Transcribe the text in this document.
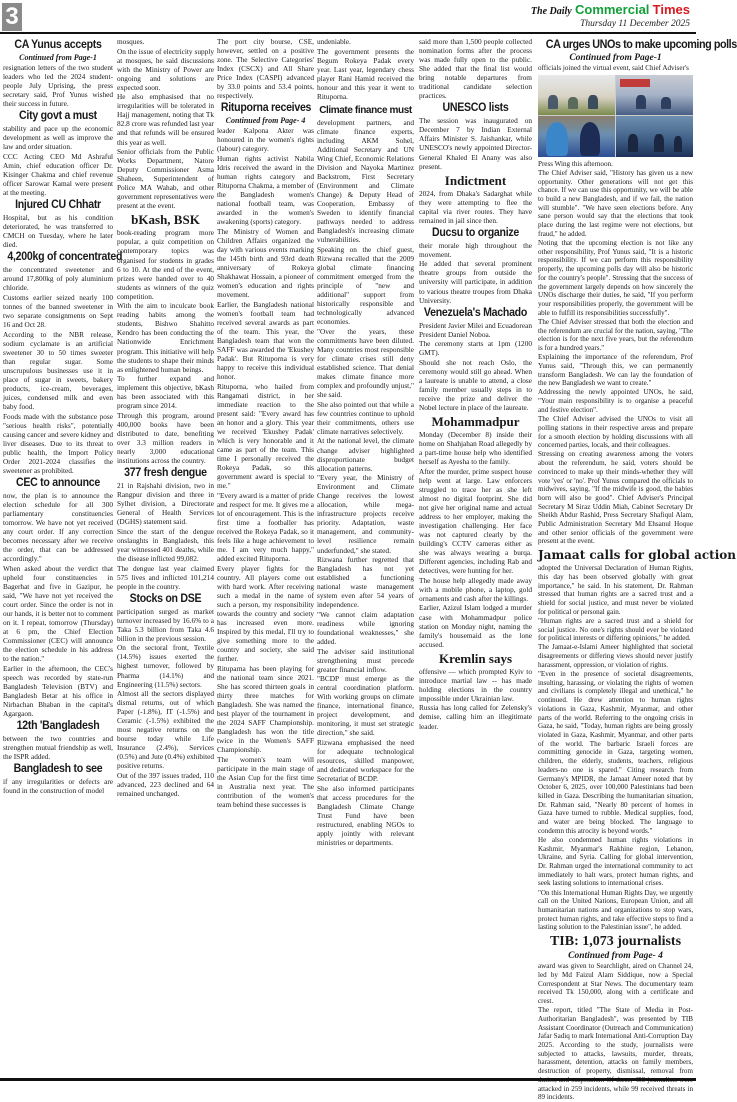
3	The Daily Commercial Times
Thursday 11 December 2025
CA Yunus accepts
Continued from Page-1

resignation letters of the two student leaders who led the 2024 student-people July Uprising, the press secretary said, Prof Yunus wished their success in future.

City govt a must

stability and pace up the economic development as well as improve the law and order situation.

CCC Acting CEO Md Ashraful Amin, chief education officer Dr. Kisinger Chakma and chief revenue officer Sarowar Kamal were present at the meeting.

Injured CU Chhatr

Hospital, but as his condition deteriorated, he was transferred to CMCH on Tuesday, where he later died.

4,200kg of concentrated

the concentrated sweetener and around 17,800kg of poly aluminium chloride.

Customs earlier seized nearly 100 tonnes of the banned sweetener in two separate consignments on Sept 16 and Oct 28.

According to the NBR release, sodium cyclamate is an artificial sweetener 30 to 50 times sweeter than regular sugar. Some unscrupulous businesses use it in place of sugar in sweets, bakery products, ice-cream, beverages, juices, condensed milk and even baby food.

Foods made with the substance pose "serious health risks", potentially causing cancer and severe kidney and liver diseases. Due to its threat to public health, the Import Policy Order 2021-2024 classifies the sweetener as prohibited.

CEC to announce

now, the plan is to announce the election schedule for all 300 parliamentary constituencies tomorrow. We have not yet received any court order. If any correction becomes necessary after we receive the order, that can be addressed accordingly."

When asked about the verdict that upheld four constituencies in Bagerhat and five in Gazipur, he said, "We have not yet received the court order. Since the order is not in our hands, it is better not to comment on it. I repeat, tomorrow (Thursday) at 6 pm, the Chief Election Commissioner (CEC) will announce the election schedule in his address to the nation."

Earlier in the afternoon, the CEC's speech was recorded by state-run Bangladesh Television (BTV) and Bangladesh Betar at his office in Nirbachan Bhaban in the capital's Agargaon.

12th 'Bangladesh

between the two countries and strengthen mutual friendship as well, the ISPR added.

Bangladesh to see

if any irregularities or defects are found in the construction of model

mosques.

On the issue of electricity supply at mosques, he said discussions with the Ministry of Power are ongoing and solutions are expected soon.

He also emphasised that no irregularities will be tolerated in Hajj management, noting that Tk 82.8 crore was refunded last year and that refunds will be ensured this year as well.

Senior officials from the Public Works Department, Natore Deputy Commissioner Asma Shaheen, Superintendent of Police MA Wahab, and other government representatives were present at the event.

bKash, BSK

book-reading program more popular, a quiz competition on contemporary topics was organised for students in grades 6 to 10. At the end of the event, prizes were handed over to 40 students as winners of the quiz competition.

With the aim to inculcate book reading habits among the students, Bishwo Shahitto Kendro has been conducting the Nationwide Enrichment program. This initiative will help the students to shape their minds as enlightened human beings.

To further expand and implement this objective, bKash has been associated with this program since 2014.

Through this program, around 400,000 books have been distributed to date, benefiting over 3.3 million readers in nearly 3,000 educational institutions across the country.

377 fresh dengue

21 in Rajshahi division, two in Rangpur division and three in Sylhet division, a Directorate General of Health Services (DGHS) statement said.

Since the start of the dengue onslaughts in Bangladesh, this year witnessed 401 deaths, while the disease inflicted 99,082.

The dengue last year claimed 575 lives and inflicted 101,214 people in the country.

Stocks on DSE

participation surged as market turnover increased by 16.6% to a Taka 5.3 billion from Taka 4.6 billion in the previous session.

On the sectoral front, Textile (14.5%) issues exerted the highest turnover, followed by Pharma (14.1%) and Engineering (11.5%) sectors.

Almost all the sectors displayed dismal returns, out of which Paper (-1.8%), IT (-1.5%) and Ceramic (-1.5%) exhibited the most negative returns on the bourse today while Life Insurance (2.4%), Services (0.5%) and Jute (0.4%) exhibited positive returns.

Out of the 397 issues traded, 110 advanced, 223 declined and 64 remained unchanged.

The port city bourse, CSE, however, settled on a positive zone. The Selective Categories' Index (CSCX) and All Share Price Index (CASPI) advanced by 33.0 points and 53.4 points, respectively.

Rituporna receives
Continued from Page- 4

leader Kalpona Akter was honoured in the women's rights (labour) category.

Human rights activist Nabila Idris received the award in the human rights category and Rituporna Chakma, a member of the Bangladesh women's national football team, was awarded in the women's awakening (sports) category.

The Ministry of Women and Children Affairs organized the day with various events marking the 145th birth and 93rd death anniversary of Rokeya Shakhawat Hossain, a pioneer of women's education and rights movement.

Earlier, the Bangladesh national women's football team had received several awards as part of the team. This year, the Bangladesh team that won the SAFF was awarded the 'Ekushey Padak'. But Rituporna is very happy to receive this individual honor.

Rituporna, who hailed from Rangamati district, in her immediate reaction to the present said: "Every award has an honor and a glory. This year we received 'Ekushey Padak' which is very honorable and it came as part of the team. This time I personally received the Rokeya Padak, so this government award is special to me."

"Every award is a matter of pride and respect for me. It gives me a lot of encouragement. This is the first time a footballer has received the Rokeya Padak, so it feels like a huge achievement to me. I am very much happy," added excited Rituporna.

Every player fights for the country. All players come out with hard work. After receiving such a medal in the name of such a person, my responsibility towards the country and society has increased even more. Inspired by this medal, I'll try to give something more to the country and society, she said further.

Rituparna has been playing for the national team since 2021. She has scored thirteen goals in thirty three matches for Bangladesh. She was named the best player of the tournament in the 2024 SAFF Championship. Bangladesh has won the title twice in the Women's SAFF Championship.

The women's team will participate in the main stage of the Asian Cup for the first time in Australia next year. The contribution of the women's team behind these successes is

undeniable.

The government presents the Begum Rokeya Padak every year. Last year, legendary chess player Rani Hamid received the honour and this year it went to Rituporna.

Climate finance must

development partners, and climate finance experts, including AKM Sohel, Additional Secretary and UN Wing Chief, Economic Relations Division and Nayoka Martinez Backstrom, First Secretary (Environment and Climate Change) & Deputy Head of Cooperation, Embassy of Sweden to identify financial pathways needed to address Bangladesh's increasing climate vulnerabilities.

Speaking on the chief guest, Rizwana recalled that the 2009 global climate financing commitment emerged from the principle of "new and additional" support from historically responsible and technologically advanced economies.

"Over the years, these commitments have been diluted. Many countries most responsible for climate crises still deny established science. That denial makes climate finance more complex and profoundly unjust," she said.

She also pointed out that while a few countries continue to uphold their commitments, others use climate narratives selectively.

At the national level, the climate change adviser highlighted disproportionate budget allocation patterns.

"Every year, the Ministry of Environment and Climate Change receives the lowest allocation, while mega-infrastructure projects receive priority. Adaptation, waste management, and community-level resilience remain underfunded," she stated.

Rizwana further regretted that Bangladesh has not yet established a functioning national waste management system even after 54 years of independence.

"We cannot claim adaptation readiness while ignoring foundational weaknesses," she added.

The adviser said institutional strengthening must precede greater financial inflow.

"BCDP must emerge as the central coordination platform. With working groups on climate finance, international finance, project development, and monitoring, it must set strategic direction," she said.

Rizwana emphasised the need for adequate technological resources, skilled manpower, and dedicated workspace for the Secretariat of BCDP.

She also informed participants that access procedures for the Bangladesh Climate Change Trust Fund have been restructured, enabling NGOs to apply jointly with relevant ministries or departments.

said more than 1,500 people collected nomination forms after the process was made fully open to the public. She added that the final list would bring notable departures from traditional candidate selection practices.

UNESCO lists

The session was inaugurated on December 7 by Indian External Affairs Minister S. Jaishankar, while UNESCO's newly appointed Director-General Khaled El Anany was also present.

Indictment

2024, from Dhaka's Sadarghat while they were attempting to flee the capital via river routes. They have remained in jail since then.

Ducsu to organize

their morale high throughout the movement.

He added that several prominent theatre groups from outside the university will participate, in addition to various theatre troupes from Dhaka University.

Venezuela's Machado

President Javier Milei and Ecuadorean President Daniel Noboa.

The ceremony starts at 1pm (1200 GMT).

Should she not reach Oslo, the ceremony would still go ahead. When a laureate is unable to attend, a close family member usually steps in to receive the prize and deliver the Nobel lecture in place of the laureate.

Mohammadpur

Monday (December 8) inside their home on Shahjahan Road allegedly by a part-time house help who identified herself as Ayesha to the family.

After the murder, prime suspect house help went at large. Law enforcers struggled to trace her as she left almost no digital footprint. She did not give her original name and actual address to her employer, making the investigation challenging. Her face was not captured clearly by the building's CCTV cameras either as she was always wearing a burqa. Different agencies, including Rab and detectives, were hunting for her.

The house help allegedly made away with a mobile phone, a laptop, gold ornaments and cash after the killings.

Earlier, Azizul Islam lodged a murder case with Mohammadpur police station on Monday night, naming the family's housemaid as the lone accused.

Kremlin says

offensive — which prompted Kyiv to introduce martial law -- has made holding elections in the country impossible under Ukrainian law.

Russia has long called for Zelensky's demise, calling him an illegitimate leader.

CA urges UNOs to make upcoming polls
Continued from Page-1

officials joined the virtual event, said Chief Adviser's

Press Wing this afternoon.

The Chief Adviser said, "History has given us a new opportunity. Other generations will not get this chance. If we can use this opportunity, we will be able to build a new Bangladesh, and if we fail, the nation will stumble". "We have seen elections before. Any sane person would say that the elections that took place during the last regime were not elections, but fraud," he added.

Noting that the upcoming election is not like any other responsibility, Prof Yunus said, "It is a historic responsibility. If we can perform this responsibility properly, the upcoming polls day will also be historic for the country's people". Stressing that the success of the government largely depends on how sincerely the UNOs discharge their duties, he said, "If you perform your responsibilities properly, the government will be able to fulfill its responsibilities successfully".

The Chief Adviser stressed that both the election and the referendum are crucial for the nation, saying, "The election is for the next five years, but the referendum is for a hundred years."

Explaining the importance of the referendum, Prof Yunus said, "Through this, we can permanently transform Bangladesh. We can lay the foundation of the new Bangladesh we want to create."

Addressing the newly appointed UNOs, he said, "Your main responsibility is to organise a peaceful and festive election".

The Chief Adviser advised the UNOs to visit all polling stations in their respective areas and prepare for a smooth election by holding discussions with all concerned parties, locals, and their colleagues.

Stressing on creating awareness among the voters about the referendum, he said, voters should be convinced to make up their minds-whether they will vote 'yes' or 'no'. Prof Yunus compared the officials to midwives, saying, "If the midwife is good, the babies born will also be good". Chief Adviser's Principal Secretary M Siraz Uddin Miah, Cabinet Secretary Dr Sheikh Abdur Rashid, Press Secretary Shafiqul Alam, Public Administration Secretary Md Ehsanul Hoque and other senior officials of the government were present at the event.

Jamaat calls for global action

adopted the Universal Declaration of Human Rights, this day has been observed globally with great importance," he said. In his statement, Dr. Rahman stressed that human rights are a sacred trust and a shield for social justice, and must never be violated for political or personal gain.

"Human rights are a sacred trust and a shield for social justice. No one's rights should ever be violated for political interests or differing opinions," he added.

The Jamaat-e-Islami Ameer highlighted that societal disagreements or differing views should never justify harassment, oppression, or violation of rights.

"Even in the presence of societal disagreements, insulting, harassing, or violating the rights of women and civilians is completely illegal and unethical," he continued. He drew attention to human rights violations in Gaza, Kashmir, Myanmar, and other parts of the world. Referring to the ongoing crisis in Gaza, he said, "Today, human rights are being grossly violated in Gaza, Kashmir, Myanmar, and other parts of the world. The barbaric Israeli forces are committing genocide in Gaza, targeting women, children, the elderly, students, teachers, religious leaders-no one is spared." Citing research from Germany's MPIDR, the Jamaat Ameer noted that by October 6, 2025, over 100,000 Palestinians had been killed in Gaza. Describing the humanitarian situation, Dr. Rahman said, "Nearly 80 percent of homes in Gaza have turned to rubble. Medical supplies, food, and water are being blocked. The language to condemn this atrocity is beyond words."

He also condemned human rights violations in Kashmir, Myanmar's Rakhine region, Lebanon, Ukraine, and Syria. Calling for global intervention, Dr. Rahman urged the international community to act immediately to halt wars, protect human rights, and seek lasting solutions to international crises.

"On this International Human Rights Day, we urgently call on the United Nations, European Union, and all humanitarian nations and organizations to stop wars, protect human rights, and take effective steps to find a lasting solution to the Palestinian issue", he added.

TIB: 1,073 journalists
Continued from Page- 4

award was given to Searchlight, aired on Channel 24, led by Md Faizul Alam Siddique, now a Special Correspondent at Star News. The documentary team received Tk 150,000, along with a certificate and crest.

The report, titled "The State of Media in Post-Authoritarian Bangladesh", was presented by TIB Assistant Coordinator (Outreach and Communication) Jafar Sadiq to mark International Anti-Corruption Day 2025. According to the study, journalists were subjected to attacks, lawsuits, murder, threats, harassment, detention, attacks on family members, destruction of property, dismissal, removal from attacked in 259 incidents, while 99 received threats in 89 incidents.
